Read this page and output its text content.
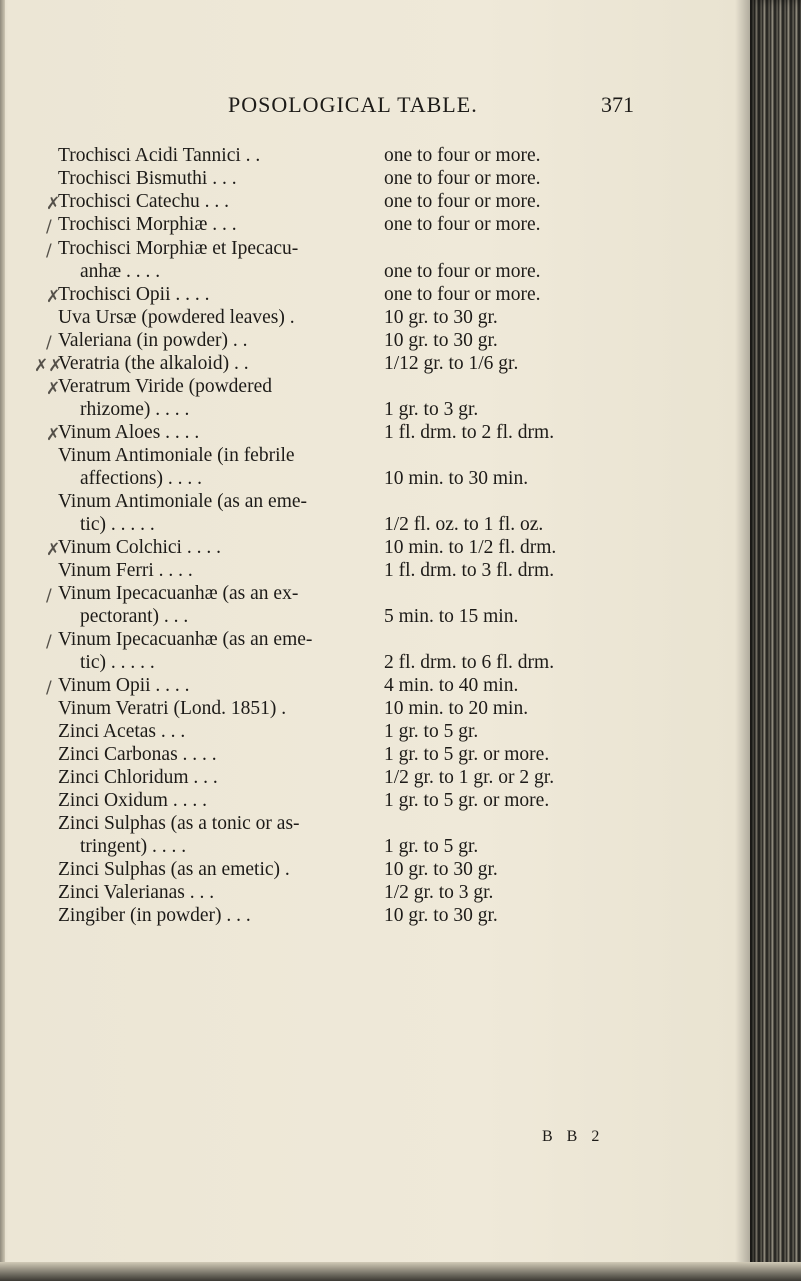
POSOLOGICAL TABLE.	371
Trochisci Acidi Tannici . .	one to four or more.
Trochisci Bismuthi . . .	one to four or more.
✗
Trochisci Catechu . . .	one to four or more.
/ Trochisci Morphiæ . . .	one to four or more.
/ Trochisci Morphiæ et Ipecacu-
anhæ . . . .	one to four or more.
✗
Trochisci Opii . . . .	one to four or more.
Uva Ursæ (powdered leaves) .	10 gr. to 30 gr.
/ Valeriana (in powder) . .	10 gr. to 30 gr.
✗✗
Veratria (the alkaloid) . .	1/12 gr. to 1/6 gr.
✗
Veratrum Viride (powdered
rhizome) . . . .	1 gr. to 3 gr.
✗
Vinum Aloes . . . .	1 fl. drm. to 2 fl. drm.
Vinum Antimoniale (in febrile
affections) . . . .	10 min. to 30 min.
Vinum Antimoniale (as an eme-
tic) . . . . .	1/2 fl. oz. to 1 fl. oz.
✗
Vinum Colchici . . . .	10 min. to 1/2 fl. drm.
Vinum Ferri . . . .	1 fl. drm. to 3 fl. drm.
/ Vinum Ipecacuanhæ (as an ex-
pectorant) . . .	5 min. to 15 min.
/ Vinum Ipecacuanhæ (as an eme-
tic) . . . . .	2 fl. drm. to 6 fl. drm.
/ Vinum Opii . . . .	4 min. to 40 min.
Vinum Veratri (Lond. 1851) .	10 min. to 20 min.
Zinci Acetas . . .	1 gr. to 5 gr.
Zinci Carbonas . . . .	1 gr. to 5 gr. or more.
Zinci Chloridum . . .	1/2 gr. to 1 gr. or 2 gr.
Zinci Oxidum . . . .	1 gr. to 5 gr. or more.
Zinci Sulphas (as a tonic or as-
tringent) . . . .	1 gr. to 5 gr.
Zinci Sulphas (as an emetic) .	10 gr. to 30 gr.
Zinci Valerianas . . .	1/2 gr. to 3 gr.
Zingiber (in powder) . . .	10 gr. to 30 gr.
B B 2
